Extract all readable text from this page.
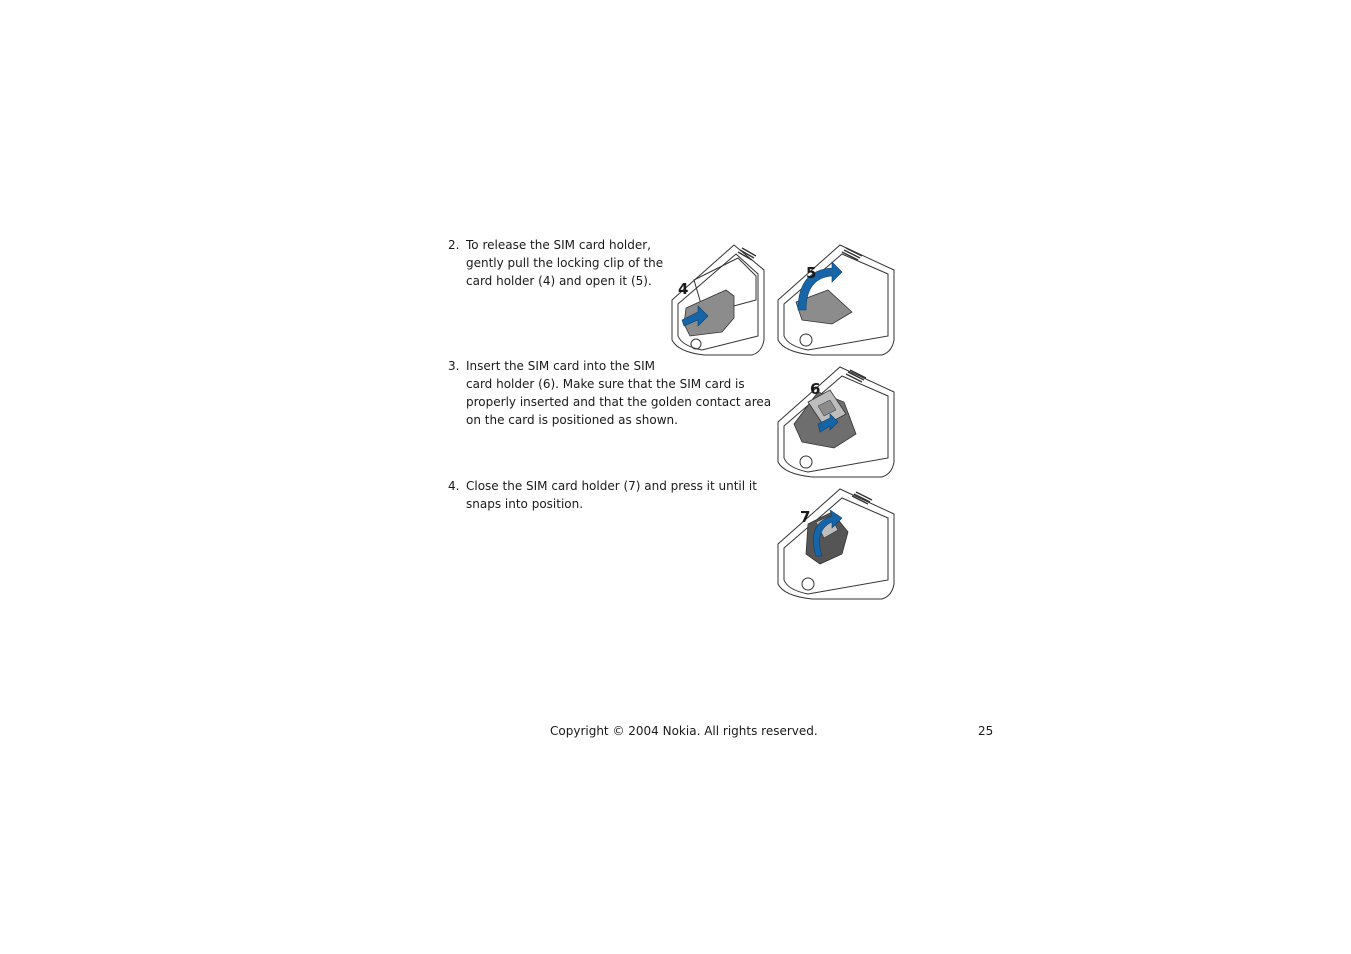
2. To release the SIM card holder,
gently pull the locking clip of the
card holder (4) and open it (5).
3. Insert the SIM card into the SIM
card holder (6). Make sure that the SIM card is
properly inserted and that the golden contact area
on the card is positioned as shown.
4. Close the SIM card holder (7) and press it until it
snaps into position.
4
5
6
7
Copyright © 2004 Nokia. All rights reserved.	25
